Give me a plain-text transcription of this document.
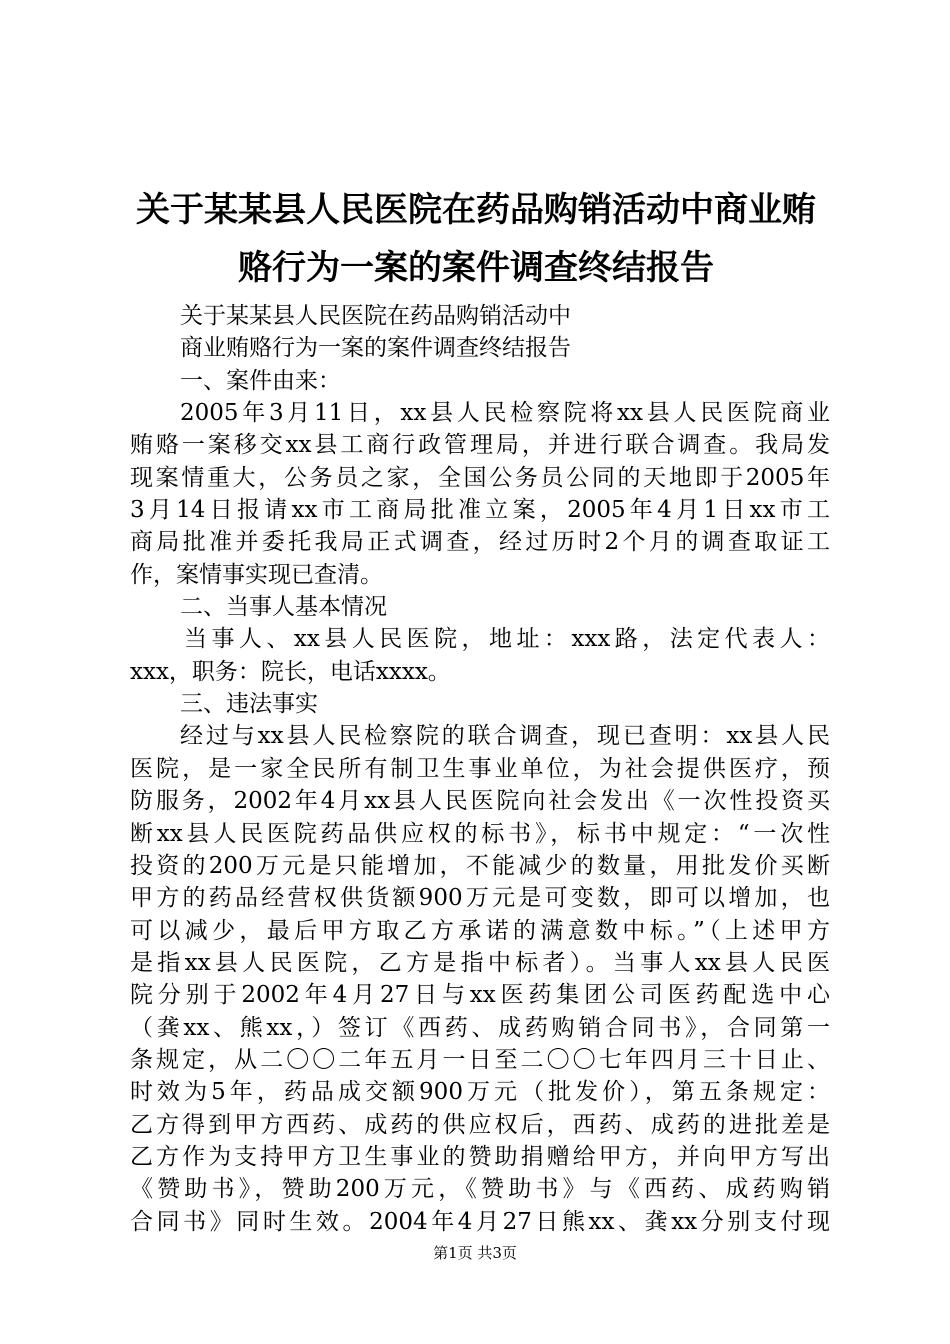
关于某某县人民医院在药品购销活动中商业贿
赂行为一案的案件调查终结报告
关于某某县人民医院在药品购销活动中
商业贿赂行为一案的案件调查终结报告
一、案件由来：
2005年3月11日，xx县人民检察院将xx县人民医院商业
贿赂一案移交xx县工商行政管理局，并进行联合调查。我局发
现案情重大，公务员之家，全国公务员公同的天地即于2005年
3月14日报请xx市工商局批准立案，2005年4月1日xx市工
商局批准并委托我局正式调查，经过历时2个月的调查取证工
作，案情事实现已查清。
二、当事人基本情况
当事人、xx县人民医院，地址：xxx路，法定代表人：
xxx，职务：院长，电话xxxx。
三、违法事实
经过与xx县人民检察院的联合调查，现已查明：xx县人民
医院，是一家全民所有制卫生事业单位，为社会提供医疗，预
防服务，2002年4月xx县人民医院向社会发出《一次性投资买
断xx县人民医院药品供应权的标书》，标书中规定：“一次性
投资的200万元是只能增加，不能减少的数量，用批发价买断
甲方的药品经营权供货额900万元是可变数，即可以增加，也
可以减少，最后甲方取乙方承诺的满意数中标。”（上述甲方
是指xx县人民医院，乙方是指中标者）。当事人xx县人民医
院分别于2002年4月27日与xx医药集团公司医药配选中心
（龚xx、熊xx，）签订《西药、成药购销合同书》，合同第一
条规定，从二〇〇二年五月一日至二〇〇七年四月三十日止、
时效为5年，药品成交额900万元（批发价），第五条规定：
乙方得到甲方西药、成药的供应权后，西药、成药的进批差是
乙方作为支持甲方卫生事业的赞助捐赠给甲方，并向甲方写出
《赞助书》，赞助200万元，《赞助书》与《西药、成药购销
合同书》同时生效。2004年4月27日熊xx、龚xx分别支付现
第1页 共3页
